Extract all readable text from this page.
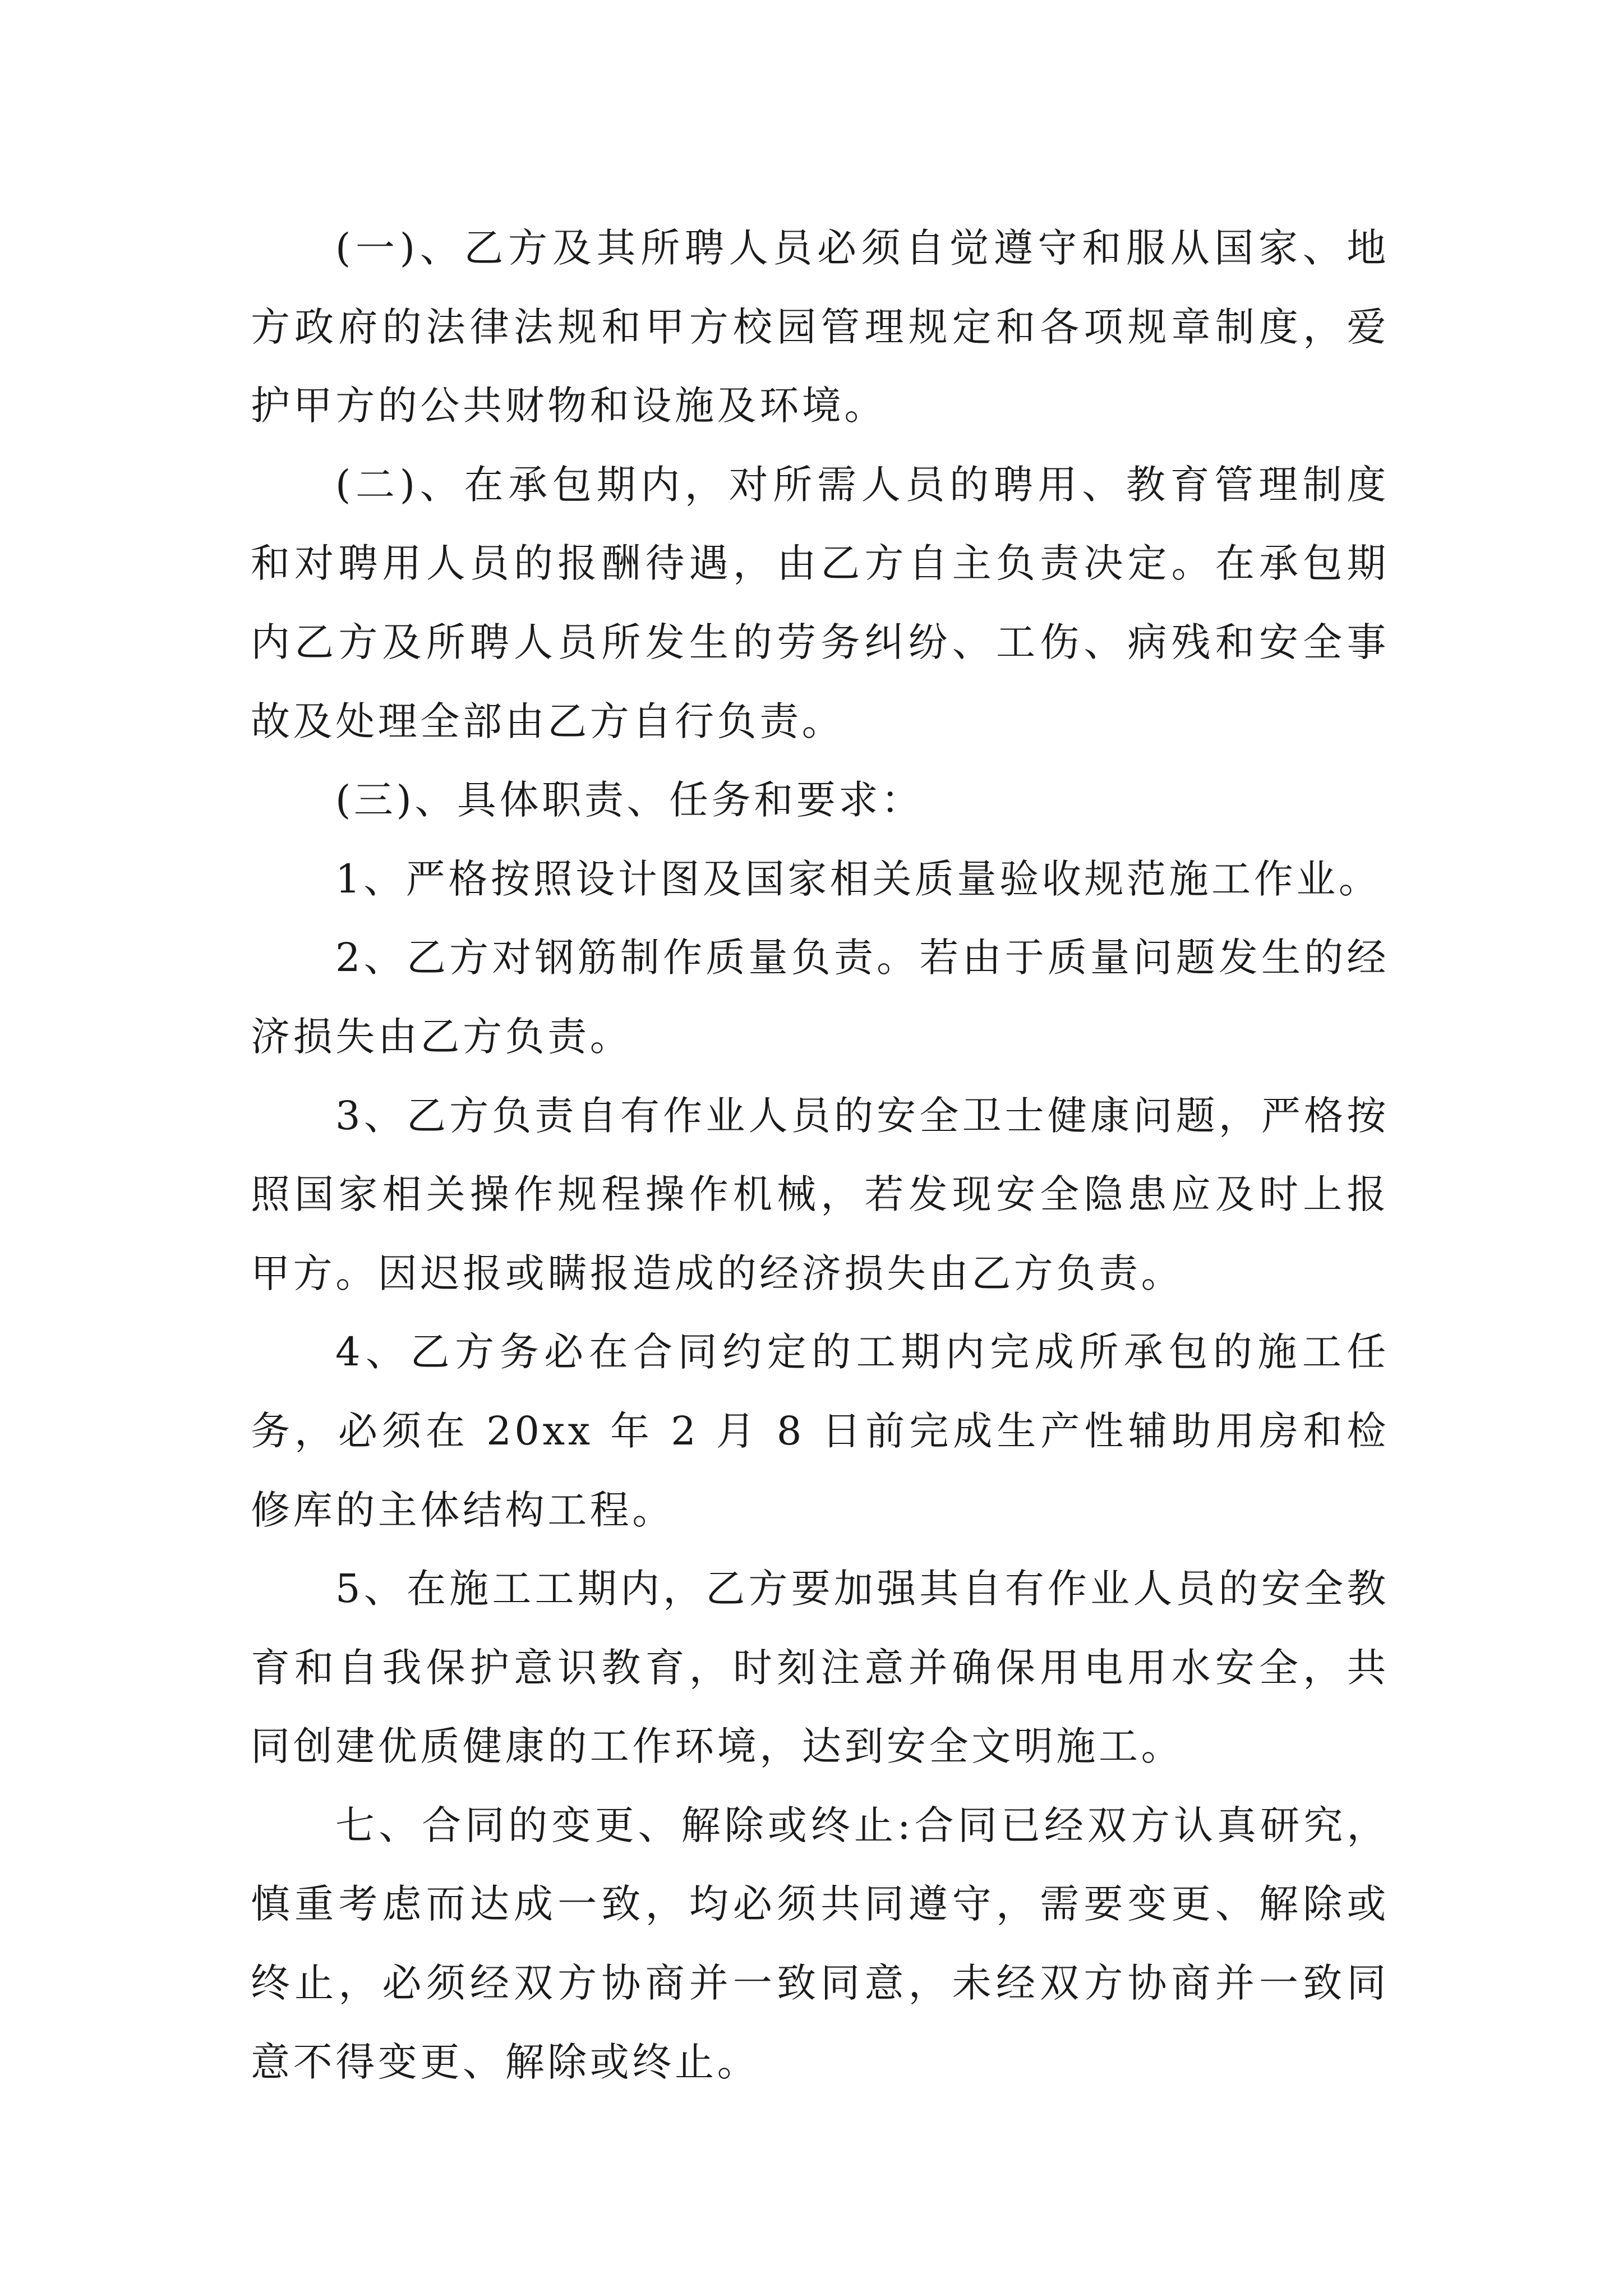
(一)、乙方及其所聘人员必须自觉遵守和服从国家、地方政府的法律法规和甲方校园管理规定和各项规章制度，爱护甲方的公共财物和设施及环境。

(二)、在承包期内，对所需人员的聘用、教育管理制度和对聘用人员的报酬待遇，由乙方自主负责决定。在承包期内乙方及所聘人员所发生的劳务纠纷、工伤、病残和安全事故及处理全部由乙方自行负责。

(三)、具体职责、任务和要求：

1、严格按照设计图及国家相关质量验收规范施工作业。

2、乙方对钢筋制作质量负责。若由于质量问题发生的经济损失由乙方负责。

3、乙方负责自有作业人员的安全卫士健康问题，严格按照国家相关操作规程操作机械，若发现安全隐患应及时上报甲方。因迟报或瞒报造成的经济损失由乙方负责。

4、乙方务必在合同约定的工期内完成所承包的施工任务，必须在 20xx 年 2 月 8 日前完成生产性辅助用房和检修库的主体结构工程。

5、在施工工期内，乙方要加强其自有作业人员的安全教育和自我保护意识教育，时刻注意并确保用电用水安全，共同创建优质健康的工作环境，达到安全文明施工。

七、合同的变更、解除或终止:合同已经双方认真研究，慎重考虑而达成一致，均必须共同遵守，需要变更、解除或终止，必须经双方协商并一致同意，未经双方协商并一致同意不得变更、解除或终止。
